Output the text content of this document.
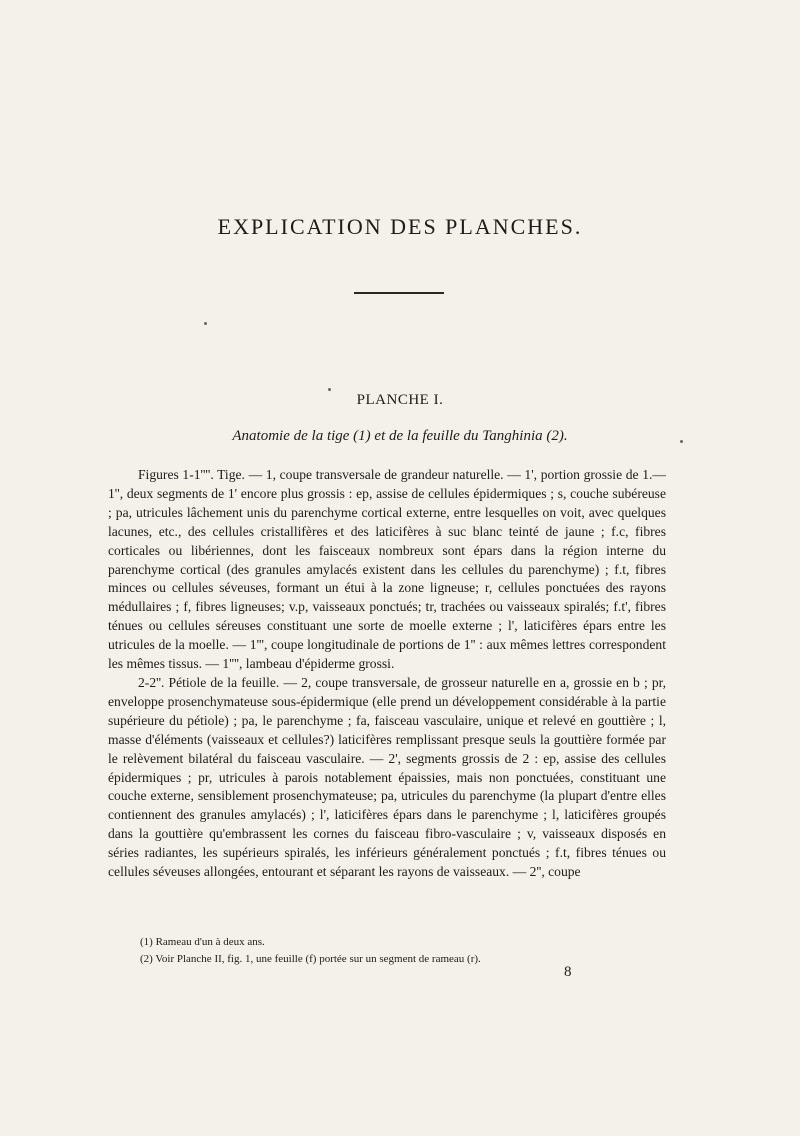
EXPLICATION DES PLANCHES.
PLANCHE I.
Anatomie de la tige (1) et de la feuille du Tanghinia (2).

Figures 1-1''''. Tige. — 1, coupe transversale de grandeur naturelle. — 1', portion grossie de 1.—1'', deux segments de 1' encore plus grossis : ep, assise de cellules épidermiques ; s, couche subéreuse ; pa, utricules lâchement unis du parenchyme cortical externe, entre lesquelles on voit, avec quelques lacunes, etc., des cellules cristallifères et des laticifères à suc blanc teinté de jaune ; f.c, fibres corticales ou libériennes, dont les faisceaux nombreux sont épars dans la région interne du parenchyme cortical (des granules amylacés existent dans les cellules du parenchyme) ; f.t, fibres minces ou cellules séveuses, formant un étui à la zone ligneuse; r, cellules ponctuées des rayons médullaires ; f, fibres ligneuses; v.p, vaisseaux ponctués; tr, trachées ou vaisseaux spiralés; f.t', fibres ténues ou cellules séreuses constituant une sorte de moelle externe ; l', laticifères épars entre les utricules de la moelle. — 1''', coupe longitudinale de portions de 1'' : aux mêmes lettres correspondent les mêmes tissus. — 1'''', lambeau d'épiderme grossi.

2-2''. Pétiole de la feuille. — 2, coupe transversale, de grosseur naturelle en a, grossie en b ; pr, enveloppe prosenchymateuse sous-épidermique (elle prend un développement considérable à la partie supérieure du pétiole) ; pa, le parenchyme ; fa, faisceau vasculaire, unique et relevé en gouttière ; l, masse d'éléments (vaisseaux et cellules?) laticifères remplissant presque seuls la gouttière formée par le relèvement bilatéral du faisceau vasculaire. — 2', segments grossis de 2 : ep, assise des cellules épidermiques ; pr, utricules à parois notablement épaissies, mais non ponctuées, constituant une couche externe, sensiblement prosenchymateuse; pa, utricules du parenchyme (la plupart d'entre elles contiennent des granules amylacés) ; l', laticifères épars dans le parenchyme ; l, laticifères groupés dans la gouttière qu'embrassent les cornes du faisceau fibro-vasculaire ; v, vaisseaux disposés en séries radiantes, les supérieurs spiralés, les inférieurs généralement ponctués ; f.t, fibres ténues ou cellules séveuses allongées, entourant et séparant les rayons de vaisseaux. — 2'', coupe

(1) Rameau d'un à deux ans.
(2) Voir Planche II, fig. 1, une feuille (f) portée sur un segment de rameau (r).
8
